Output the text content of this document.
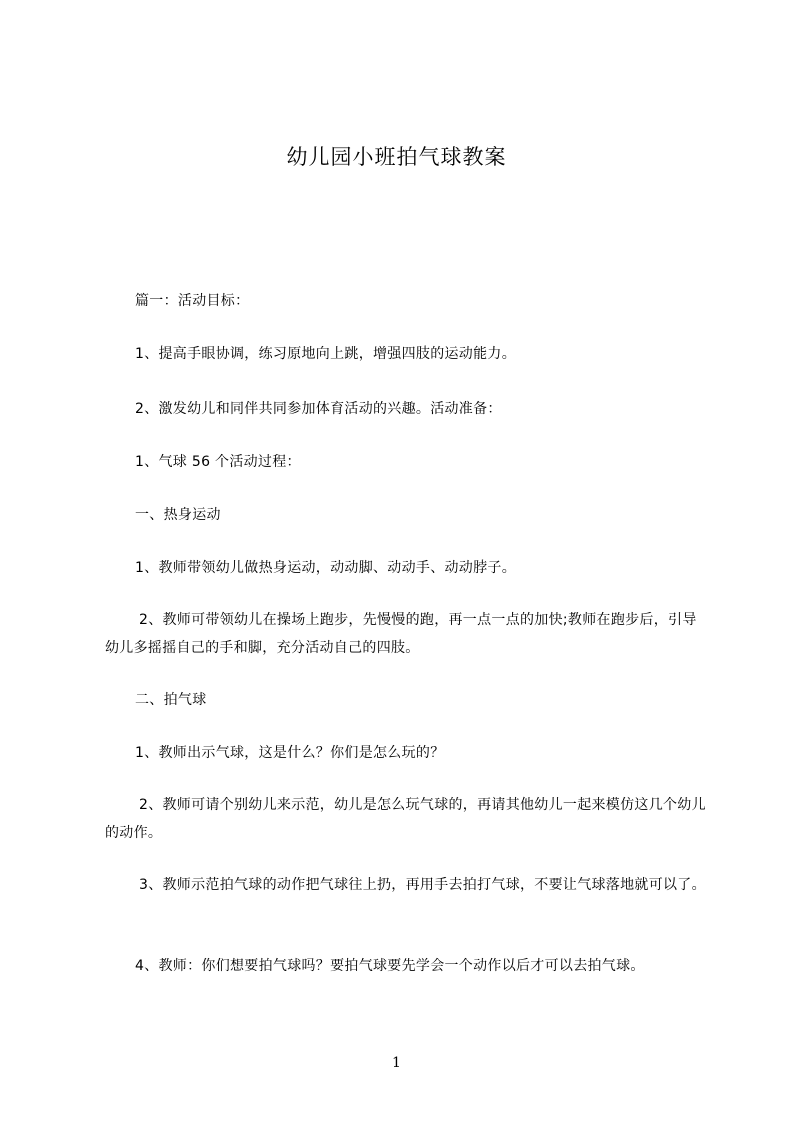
幼儿园小班拍气球教案

篇一：活动目标：

1、提高手眼协调，练习原地向上跳，增强四肢的运动能力。

2、激发幼儿和同伴共同参加体育活动的兴趣。活动准备：

1、气球 56 个活动过程：

一、热身运动

1、教师带领幼儿做热身运动，动动脚、动动手、动动脖子。

2、教师可带领幼儿在操场上跑步，先慢慢的跑，再一点一点的加快;教师在跑步后，引导幼儿多摇摇自己的手和脚，充分活动自己的四肢。

二、拍气球

1、教师出示气球，这是什么？你们是怎么玩的？

2、教师可请个别幼儿来示范，幼儿是怎么玩气球的，再请其他幼儿一起来模仿这几个幼儿的动作。

3、教师示范拍气球的动作把气球往上扔，再用手去拍打气球，不要让气球落地就可以了。

4、教师：你们想要拍气球吗？要拍气球要先学会一个动作以后才可以去拍气球。

1
